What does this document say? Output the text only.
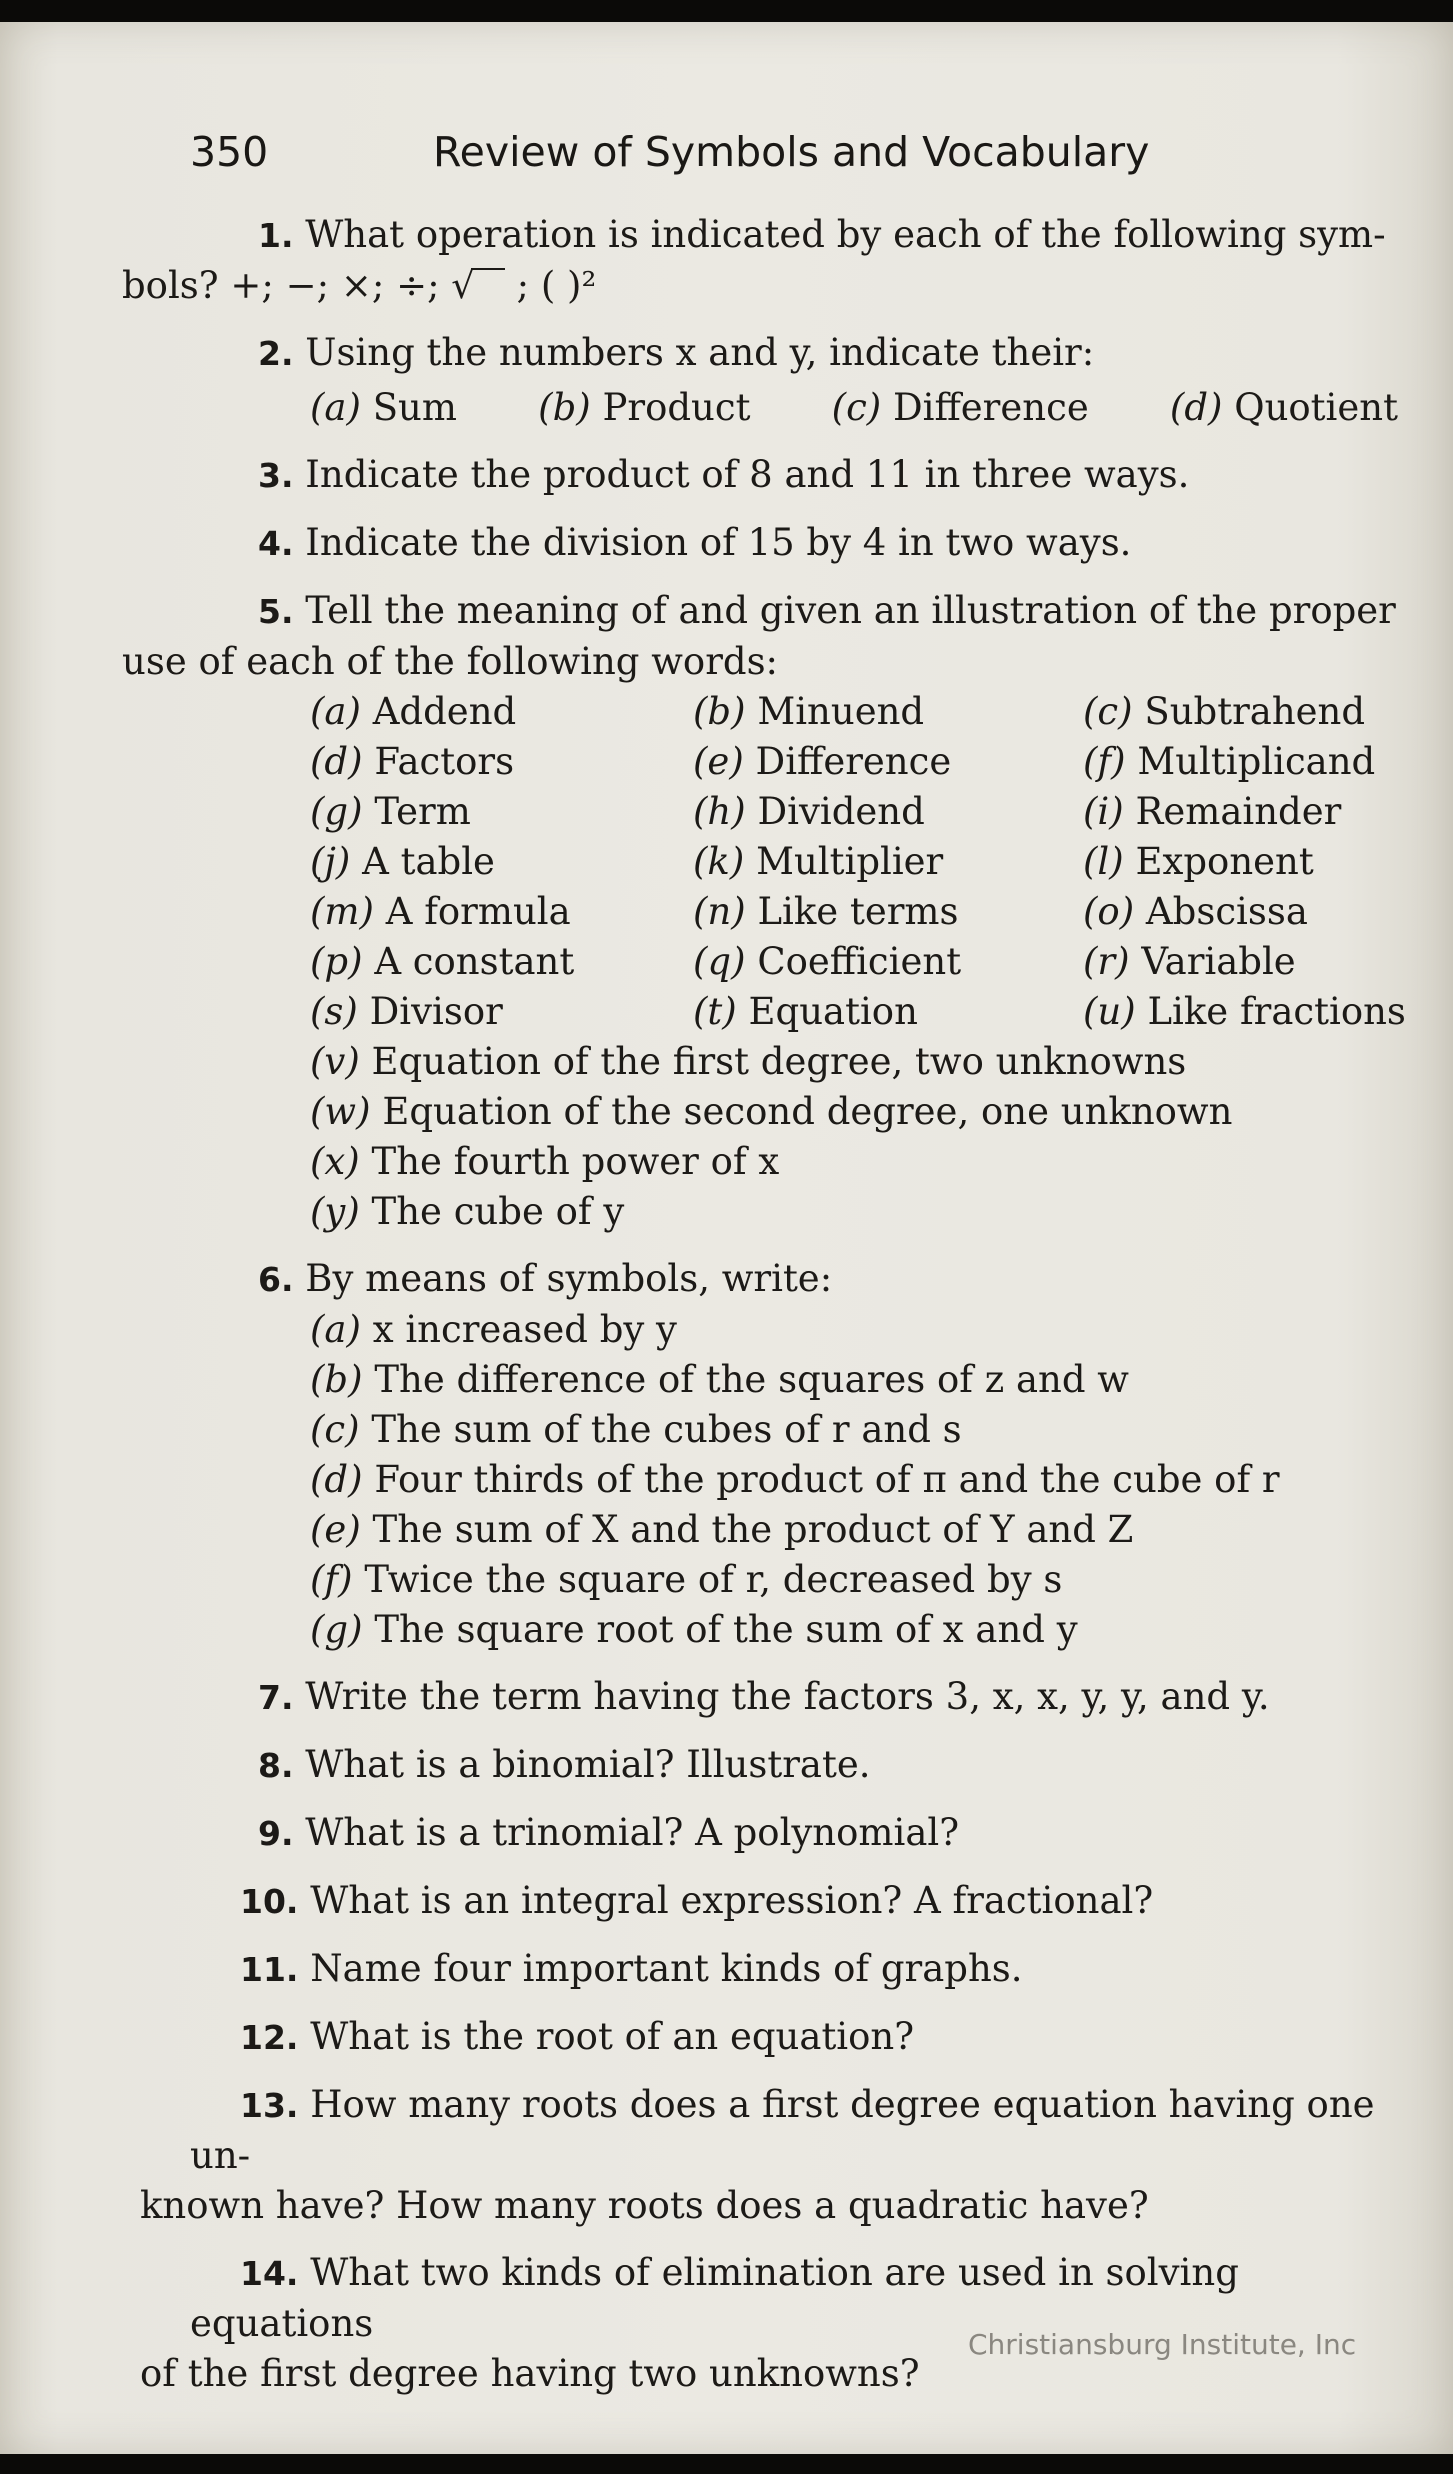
350	Review of Symbols and Vocabulary
1. What operation is indicated by each of the following sym-
bols? +; −; ×; ÷; √ ; ( )²
2. Using the numbers x and y, indicate their:
(a) Sum (b) Product (c) Difference (d) Quotient
3. Indicate the product of 8 and 11 in three ways.
4. Indicate the division of 15 by 4 in two ways.
5. Tell the meaning of and given an illustration of the proper
use of each of the following words:
(a) Addend	(b) Minuend	(c) Subtrahend
(d) Factors	(e) Difference	(f) Multiplicand
(g) Term	(h) Dividend	(i) Remainder
(j) A table	(k) Multiplier	(l) Exponent
(m) A formula	(n) Like terms	(o) Abscissa
(p) A constant	(q) Coefficient	(r) Variable
(s) Divisor	(t) Equation	(u) Like fractions
(v) Equation of the first degree, two unknowns
(w) Equation of the second degree, one unknown
(x) The fourth power of x
(y) The cube of y
6. By means of symbols, write:
(a) x increased by y
(b) The difference of the squares of z and w
(c) The sum of the cubes of r and s
(d) Four thirds of the product of π and the cube of r
(e) The sum of X and the product of Y and Z
(f) Twice the square of r, decreased by s
(g) The square root of the sum of x and y
7. Write the term having the factors 3, x, x, y, y, and y.
8. What is a binomial? Illustrate.
9. What is a trinomial? A polynomial?
10. What is an integral expression? A fractional?
11. Name four important kinds of graphs.
12. What is the root of an equation?
13. How many roots does a first degree equation having one un-
known have? How many roots does a quadratic have?
14. What two kinds of elimination are used in solving equations
of the first degree having two unknowns?
Christiansburg Institute, Inc
